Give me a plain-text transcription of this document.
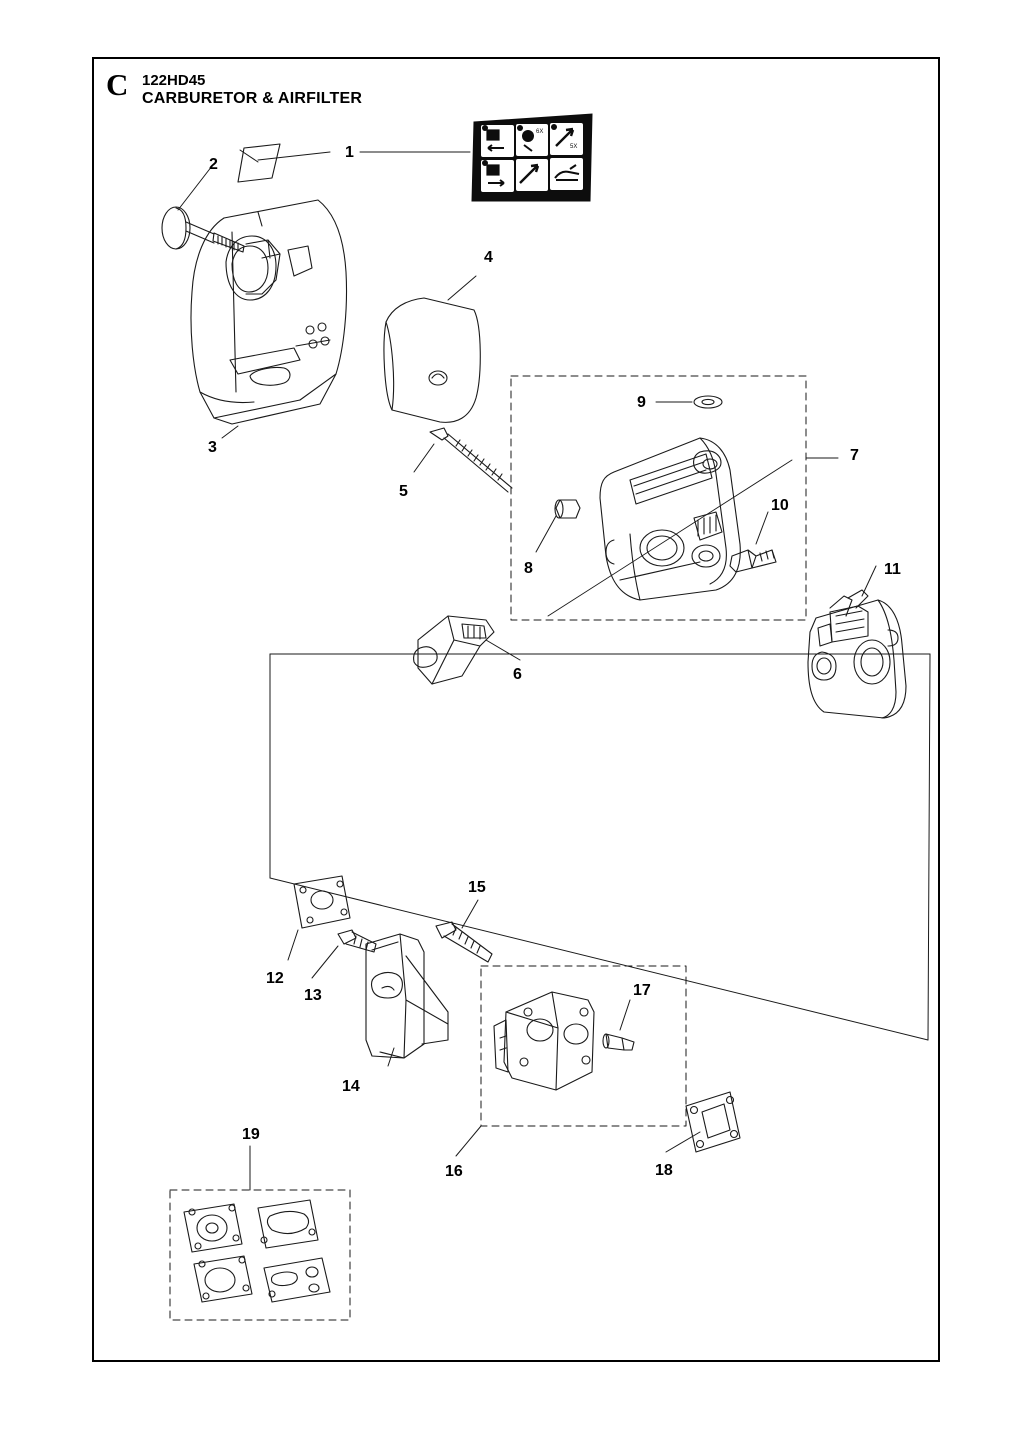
C 122HD45
CARBURETOR & AIRFILTER
6X
5X
1
2
3
4
5
6
7
8
9
10
11
12
13
14
15
16
17
18
19
